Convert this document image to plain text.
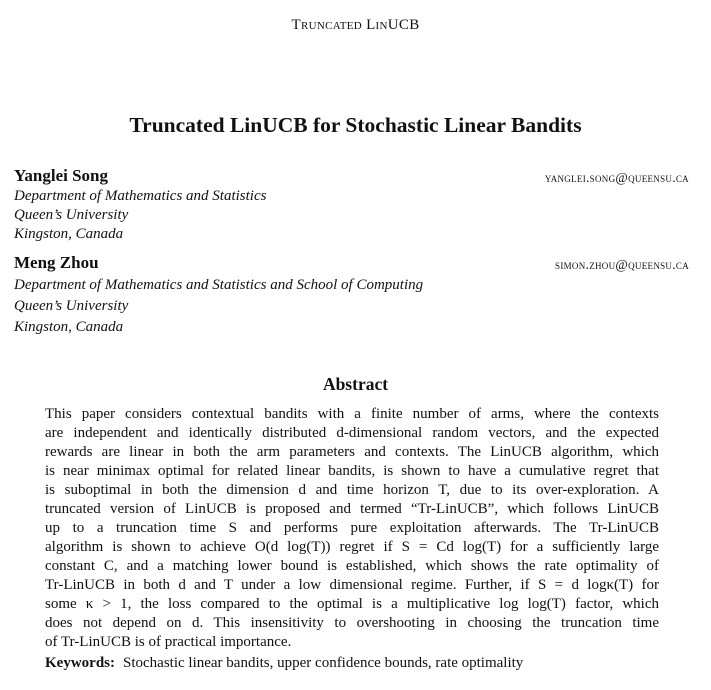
Truncated LinUCB
Truncated LinUCB for Stochastic Linear Bandits
Yanglei Song	yanglei.song@queensu.ca
Department of Mathematics and Statistics
Queen’s University
Kingston, Canada
Meng Zhou	simon.zhou@queensu.ca
Department of Mathematics and Statistics and School of Computing
Queen’s University
Kingston, Canada
Abstract
This paper considers contextual bandits with a finite number of arms, where the contexts
are independent and identically distributed d-dimensional random vectors, and the expected
rewards are linear in both the arm parameters and contexts. The LinUCB algorithm, which
is near minimax optimal for related linear bandits, is shown to have a cumulative regret that
is suboptimal in both the dimension d and time horizon T, due to its over-exploration. A
truncated version of LinUCB is proposed and termed “Tr-LinUCB”, which follows LinUCB
up to a truncation time S and performs pure exploitation afterwards. The Tr-LinUCB
algorithm is shown to achieve O(d log(T)) regret if S = Cd log(T) for a sufficiently large
constant C, and a matching lower bound is established, which shows the rate optimality of
Tr-LinUCB in both d and T under a low dimensional regime. Further, if S = d logκ(T) for
some κ > 1, the loss compared to the optimal is a multiplicative log log(T) factor, which
does not depend on d. This insensitivity to overshooting in choosing the truncation time
of Tr-LinUCB is of practical importance.
Keywords: Stochastic linear bandits, upper confidence bounds, rate optimality
